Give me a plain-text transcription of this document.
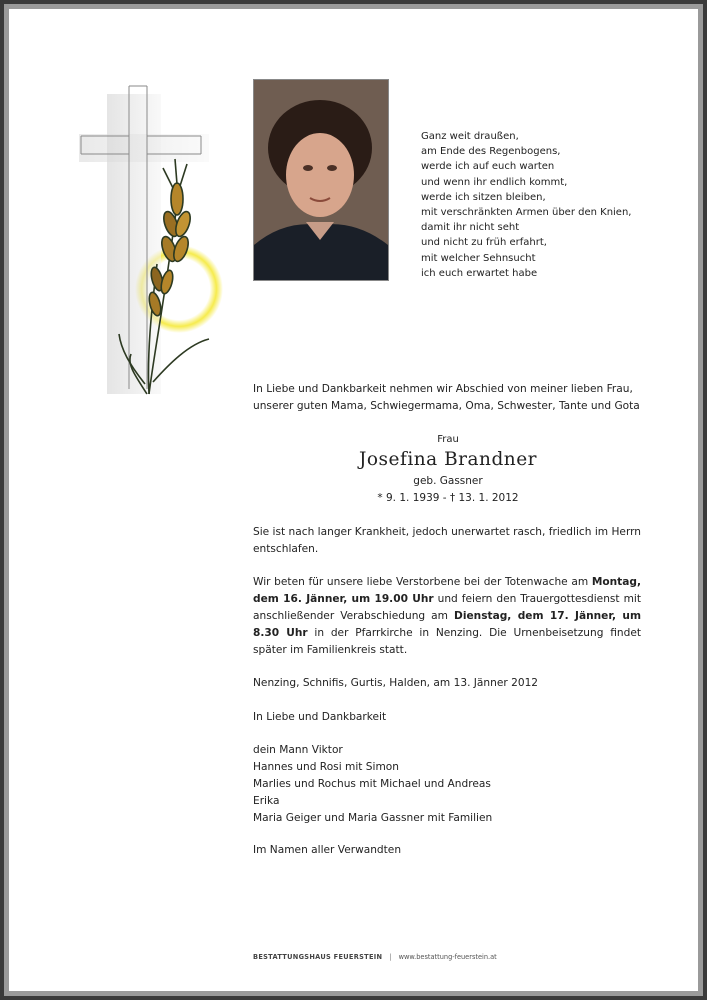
Ganz weit draußen,
am Ende des Regenbogens,
werde ich auf euch warten
und wenn ihr endlich kommt,
werde ich sitzen bleiben,
mit verschränkten Armen über den Knien,
damit ihr nicht seht
und nicht zu früh erfahrt,
mit welcher Sehnsucht
ich euch erwartet habe
In Liebe und Dankbarkeit nehmen wir Abschied von meiner lieben Frau, unserer guten Mama, Schwiegermama, Oma, Schwester, Tante und Gota
Frau
Josefina Brandner
geb. Gassner
* 9. 1. 1939 - † 13. 1. 2012
Sie ist nach langer Krankheit, jedoch unerwartet rasch, friedlich im Herrn entschlafen.
Wir beten für unsere liebe Verstorbene bei der Totenwache am Montag, dem 16. Jänner, um 19.00 Uhr und feiern den Trauergottesdienst mit anschließender Verabschiedung am Dienstag, dem 17. Jänner, um 8.30 Uhr in der Pfarrkirche in Nenzing. Die Urnenbeisetzung findet später im Familienkreis statt.
Nenzing, Schnifis, Gurtis, Halden, am 13. Jänner 2012
In Liebe und Dankbarkeit
dein Mann Viktor
Hannes und Rosi mit Simon
Marlies und Rochus mit Michael und Andreas
Erika
Maria Geiger und Maria Gassner mit Familien
Im Namen aller Verwandten
BESTATTUNGSHAUS FEUERSTEIN | www.bestattung-feuerstein.at
